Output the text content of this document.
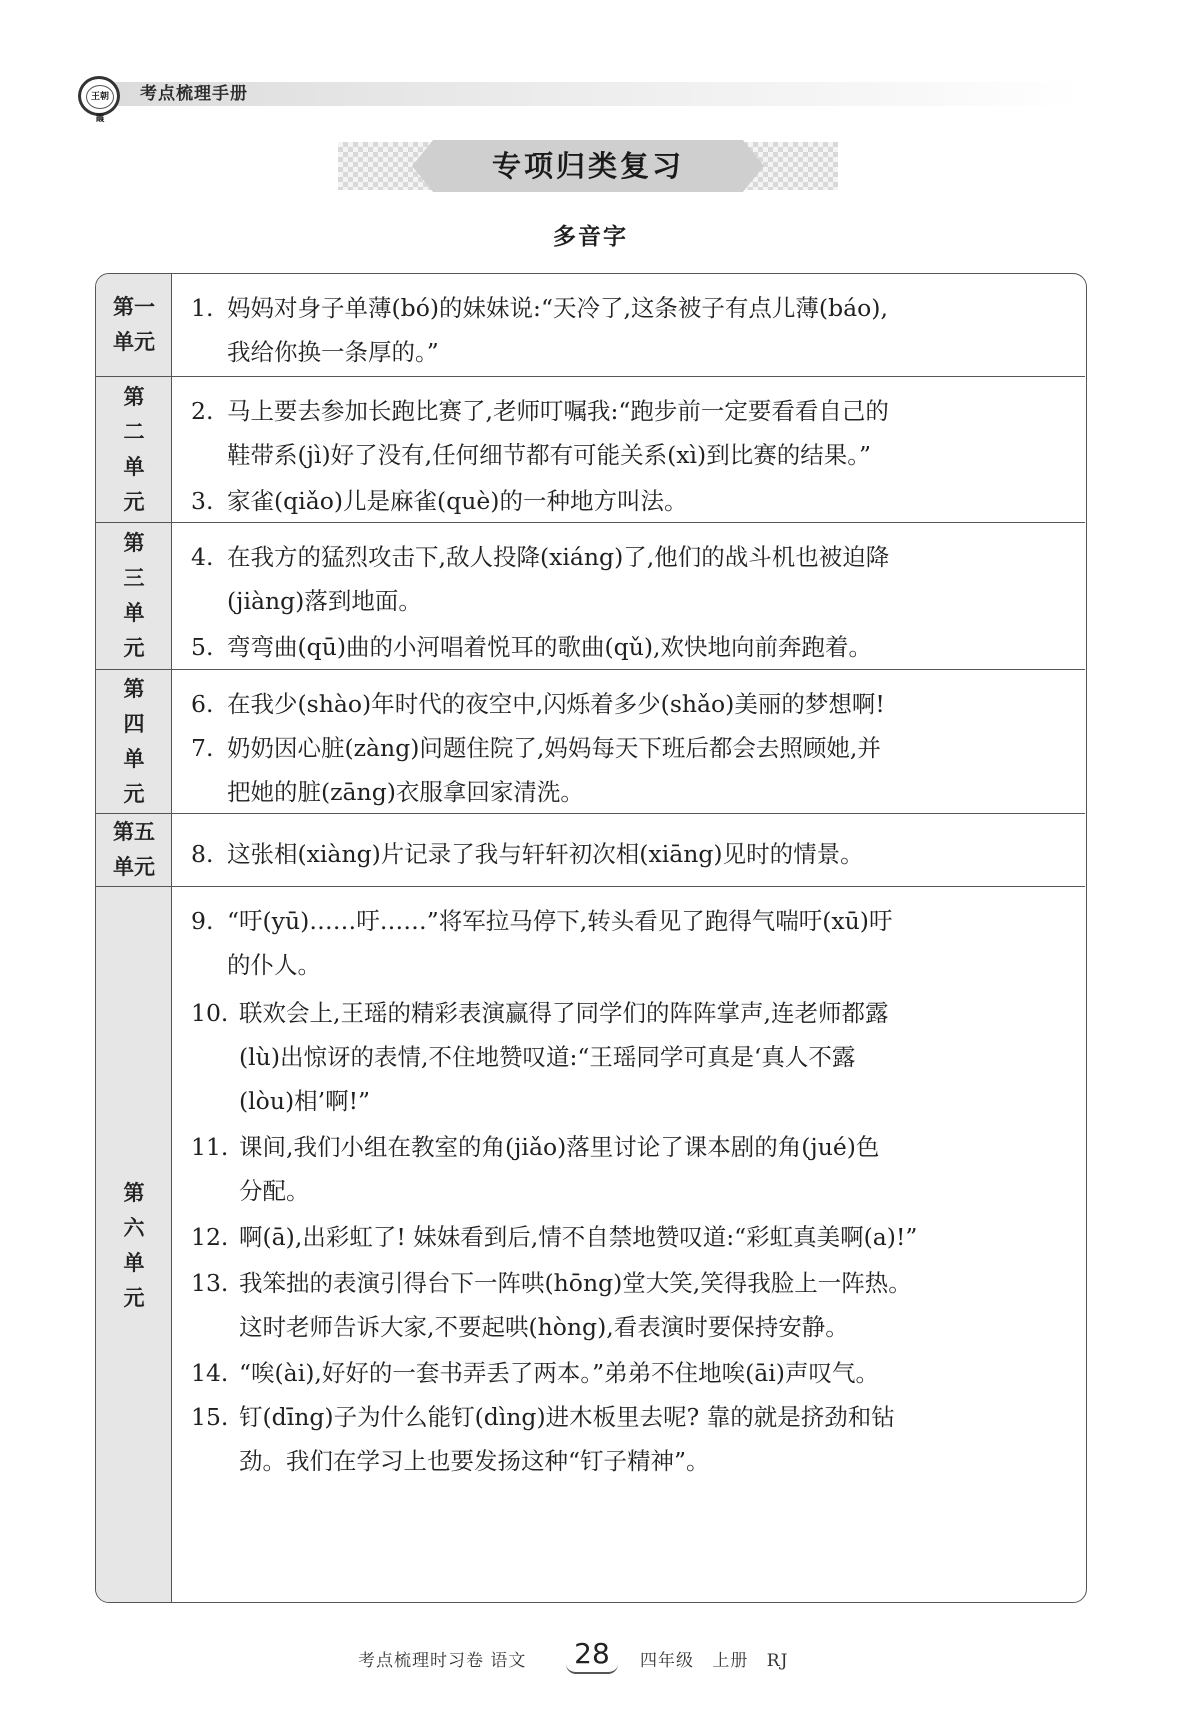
王朝霞
考点梳理手册
专项归类复习
多音字
第一单元
1. 妈妈对身子单薄(bó)的妹妹说:“天冷了,这条被子有点儿薄(báo),
我给你换一条厚的。”
第二单元
2. 马上要去参加长跑比赛了,老师叮嘱我:“跑步前一定要看看自己的
鞋带系(jì)好了没有,任何细节都有可能关系(xì)到比赛的结果。”
3. 家雀(qiǎo)儿是麻雀(què)的一种地方叫法。
第三单元
4. 在我方的猛烈攻击下,敌人投降(xiáng)了,他们的战斗机也被迫降
(jiàng)落到地面。
5. 弯弯曲(qū)曲的小河唱着悦耳的歌曲(qǔ),欢快地向前奔跑着。
第四单元
6. 在我少(shào)年时代的夜空中,闪烁着多少(shǎo)美丽的梦想啊!
7. 奶奶因心脏(zàng)问题住院了,妈妈每天下班后都会去照顾她,并
把她的脏(zāng)衣服拿回家清洗。
第五单元 8. 这张相(xiàng)片记录了我与轩轩初次相(xiāng)见时的情景。
第六单元
9. “吁(yū)……吁……”将军拉马停下,转头看见了跑得气喘吁(xū)吁
的仆人。
10. 联欢会上,王瑶的精彩表演赢得了同学们的阵阵掌声,连老师都露
(lù)出惊讶的表情,不住地赞叹道:“王瑶同学可真是‘真人不露
(lòu)相’啊!”
11. 课间,我们小组在教室的角(jiǎo)落里讨论了课本剧的角(jué)色
分配。
12. 啊(ā),出彩虹了! 妹妹看到后,情不自禁地赞叹道:“彩虹真美啊(a)!”
13. 我笨拙的表演引得台下一阵哄(hōng)堂大笑,笑得我脸上一阵热。
这时老师告诉大家,不要起哄(hòng),看表演时要保持安静。
14. “唉(ài),好好的一套书弄丢了两本。”弟弟不住地唉(āi)声叹气。
15. 钉(dīng)子为什么能钉(dìng)进木板里去呢? 靠的就是挤劲和钻
劲。我们在学习上也要发扬这种“钉子精神”。
考点梳理时习卷 语文 28	四年级 上册 RJ
